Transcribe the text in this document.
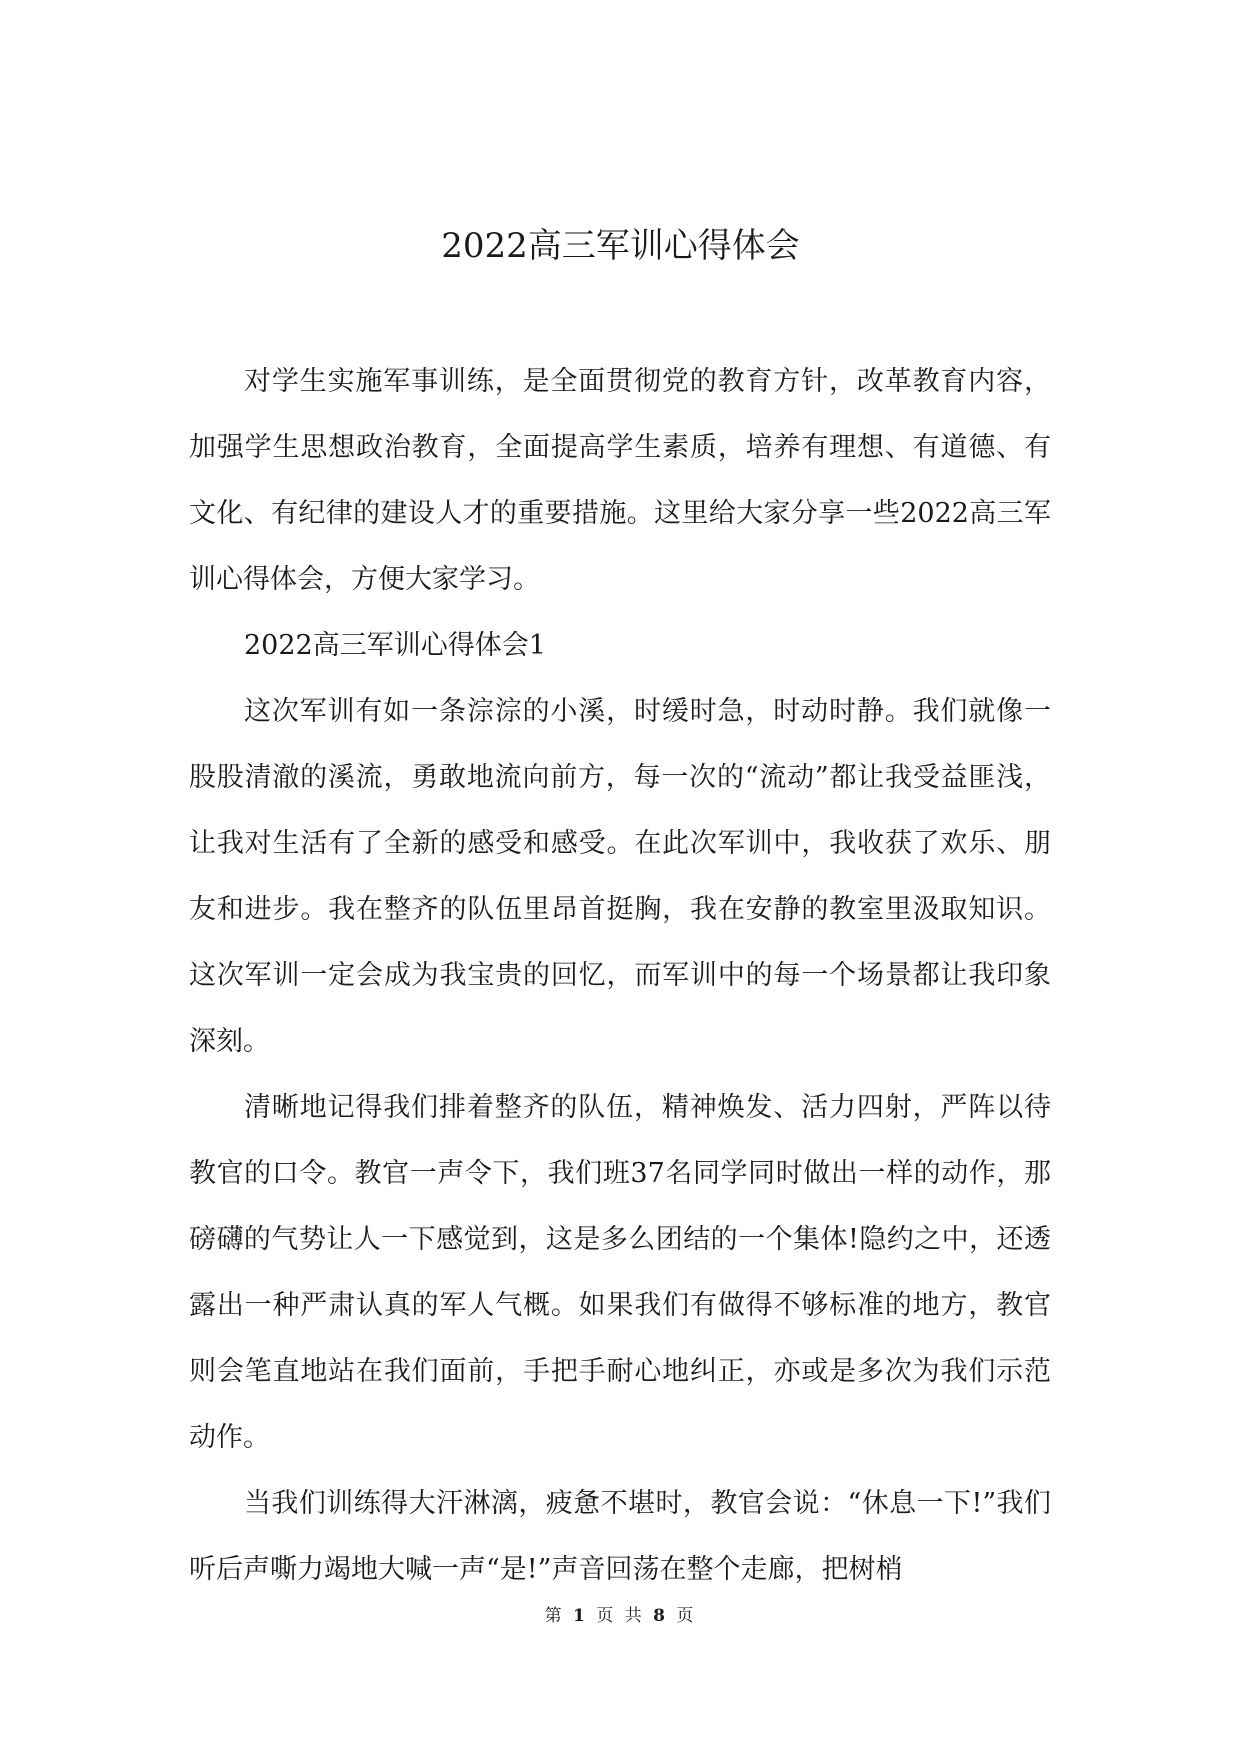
2022高三军训心得体会

对学生实施军事训练，是全面贯彻党的教育方针，改革教育内容，加强学生思想政治教育，全面提高学生素质，培养有理想、有道德、有文化、有纪律的建设人才的重要措施。这里给大家分享一些2022高三军训心得体会，方便大家学习。

2022高三军训心得体会1

这次军训有如一条淙淙的小溪，时缓时急，时动时静。我们就像一股股清澈的溪流，勇敢地流向前方，每一次的“流动”都让我受益匪浅，让我对生活有了全新的感受和感受。在此次军训中，我收获了欢乐、朋友和进步。我在整齐的队伍里昂首挺胸，我在安静的教室里汲取知识。这次军训一定会成为我宝贵的回忆，而军训中的每一个场景都让我印象深刻。

清晰地记得我们排着整齐的队伍，精神焕发、活力四射，严阵以待教官的口令。教官一声令下，我们班37名同学同时做出一样的动作，那磅礴的气势让人一下感觉到，这是多么团结的一个集体!隐约之中，还透露出一种严肃认真的军人气概。如果我们有做得不够标准的地方，教官则会笔直地站在我们面前，手把手耐心地纠正，亦或是多次为我们示范动作。

当我们训练得大汗淋漓，疲惫不堪时，教官会说：“休息一下!”我们听后声嘶力竭地大喊一声“是!”声音回荡在整个走廊，把树梢

第 1 页 共 8 页
